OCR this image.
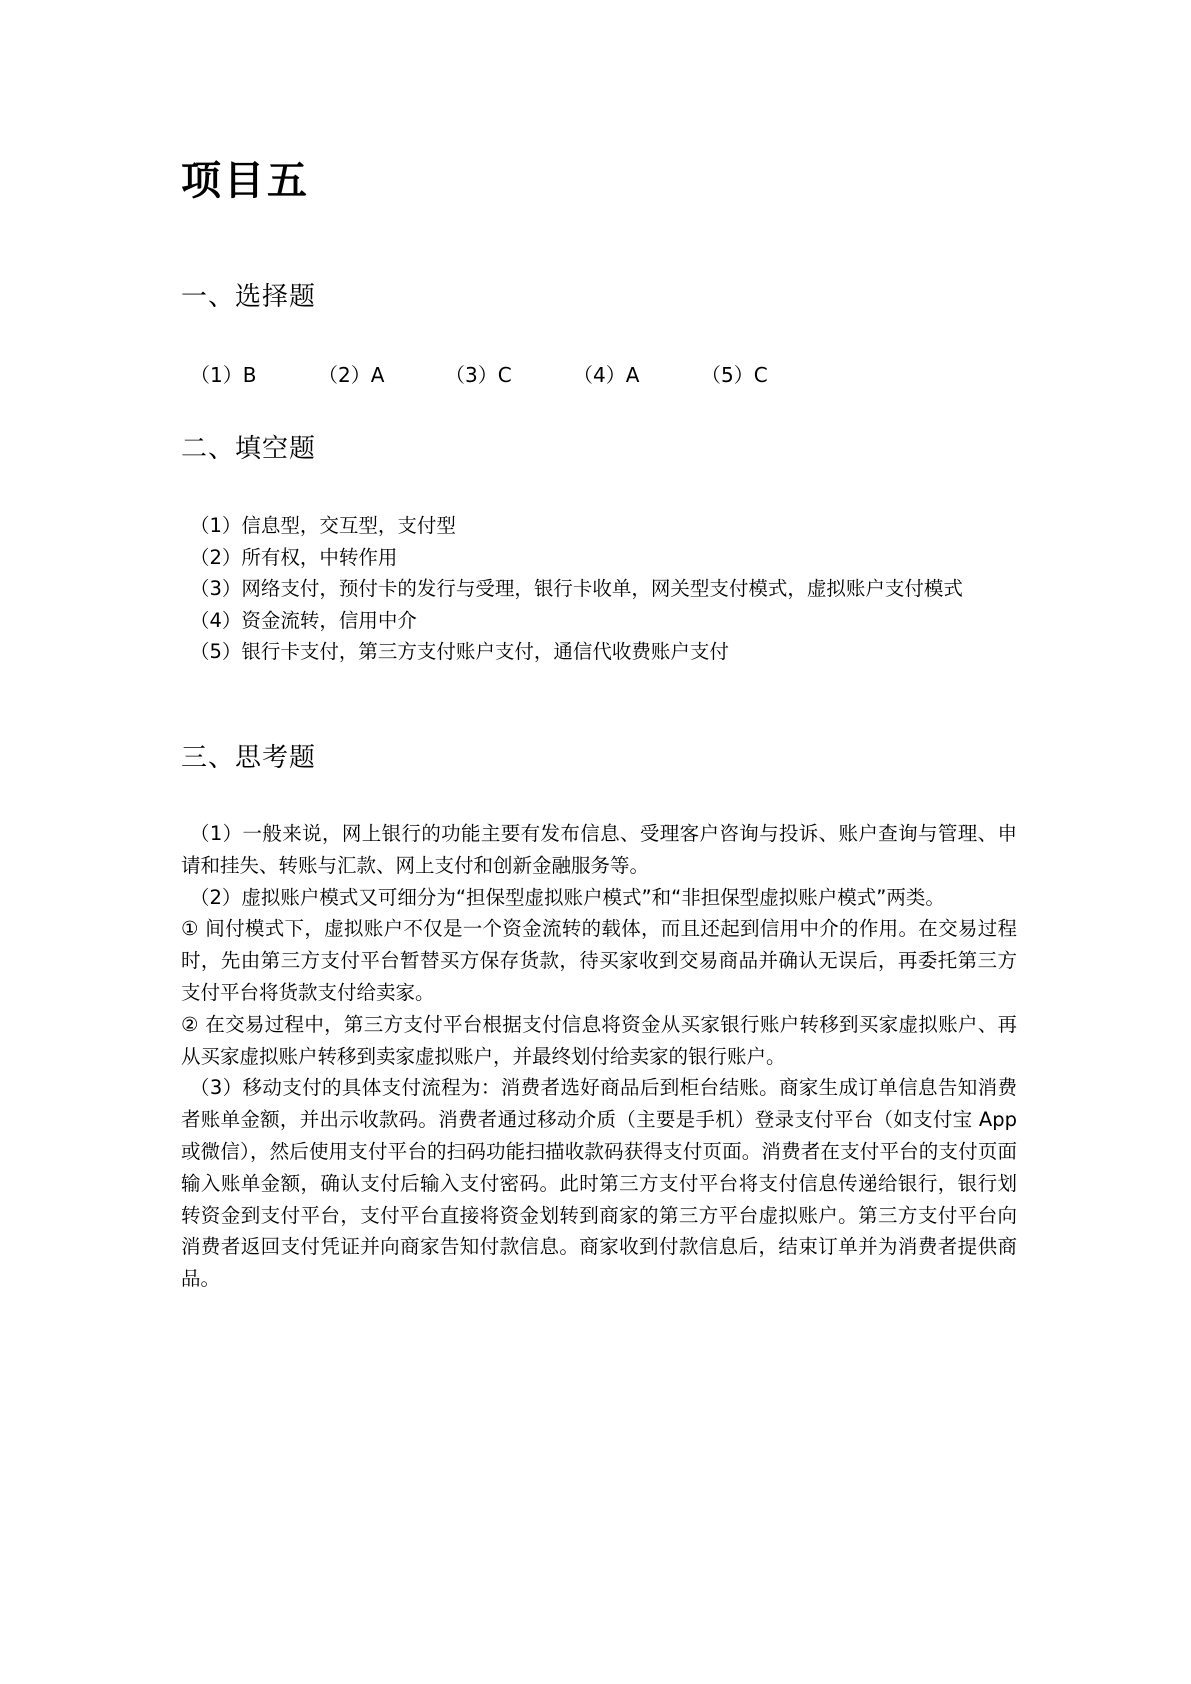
项目五
一、选择题
（1）B	（2）A	（3）C	（4）A	（5）C
二、填空题
（1）信息型，交互型，支付型
（2）所有权，中转作用
（3）网络支付，预付卡的发行与受理，银行卡收单，网关型支付模式，虚拟账户支付模式
（4）资金流转，信用中介
（5）银行卡支付，第三方支付账户支付，通信代收费账户支付
三、思考题

（1）一般来说，网上银行的功能主要有发布信息、受理客户咨询与投诉、账户查询与管理、申请和挂失、转账与汇款、网上支付和创新金融服务等。

（2）虚拟账户模式又可细分为“担保型虚拟账户模式”和“非担保型虚拟账户模式”两类。

① 间付模式下，虚拟账户不仅是一个资金流转的载体，而且还起到信用中介的作用。在交易过程时，先由第三方支付平台暂替买方保存货款，待买家收到交易商品并确认无误后，再委托第三方支付平台将货款支付给卖家。

② 在交易过程中，第三方支付平台根据支付信息将资金从买家银行账户转移到买家虚拟账户、再从买家虚拟账户转移到卖家虚拟账户，并最终划付给卖家的银行账户。

（3）移动支付的具体支付流程为：消费者选好商品后到柜台结账。商家生成订单信息告知消费者账单金额，并出示收款码。消费者通过移动介质（主要是手机）登录支付平台（如支付宝 App 或微信），然后使用支付平台的扫码功能扫描收款码获得支付页面。消费者在支付平台的支付页面输入账单金额，确认支付后输入支付密码。此时第三方支付平台将支付信息传递给银行，银行划转资金到支付平台，支付平台直接将资金划转到商家的第三方平台虚拟账户。第三方支付平台向消费者返回支付凭证并向商家告知付款信息。商家收到付款信息后，结束订单并为消费者提供商品。
